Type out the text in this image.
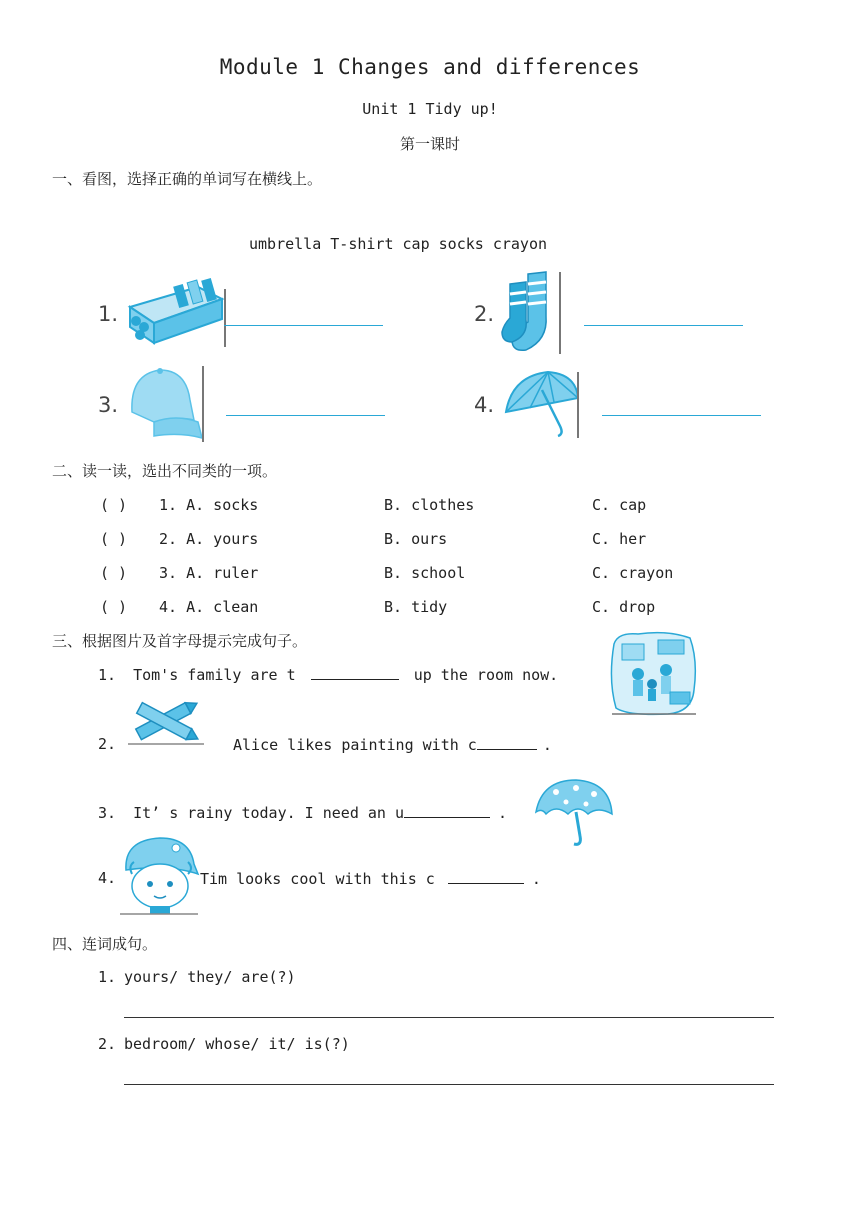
Module 1 Changes and differences
Unit 1 Tidy up!
第一课时
一、看图，选择正确的单词写在横线上。
umbrella T-shirt cap socks crayon
1.	2.
3.	4.
二、读一读，选出不同类的一项。
( ) 1. A. socks	B. clothes	C. cap
( ) 2. A. yours	B. ours	C. her
( ) 3. A. ruler	B. school	C. crayon
( ) 4. A. clean	B. tidy	C. drop
三、根据图片及首字母提示完成句子。
1. Tom's family are t	up the room now.
2.	Alice likes painting with c	.
3. It’ s rainy today. I need an u	.
4.	Tim looks cool with this c	.
四、连词成句。
1. yours/ they/ are(?)
2. bedroom/ whose/ it/ is(?)
